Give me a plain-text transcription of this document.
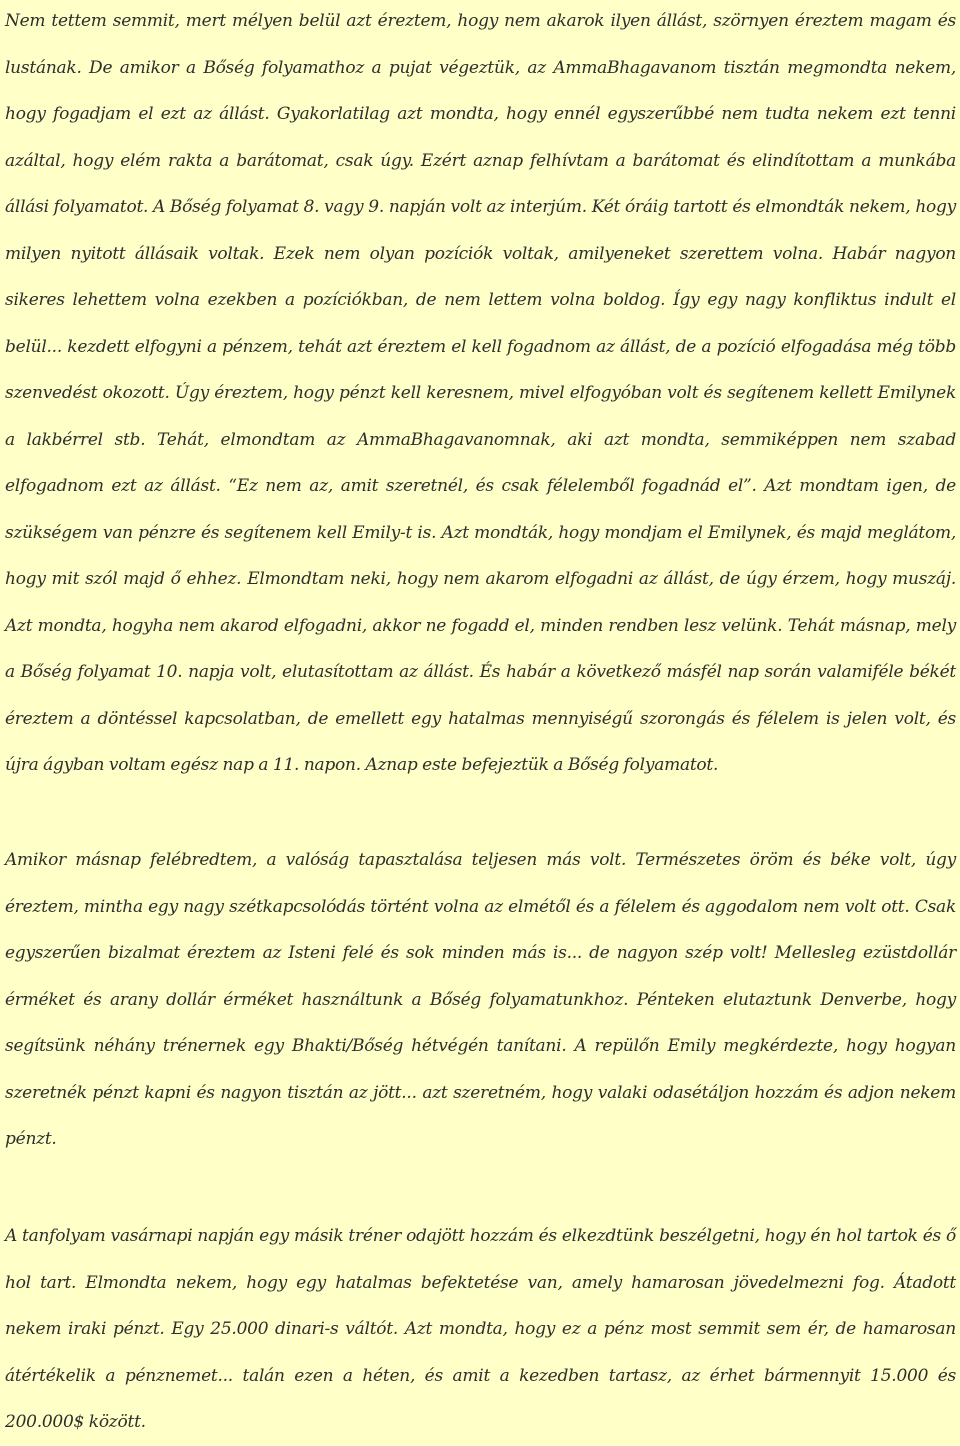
Nem tettem semmit, mert mélyen belül azt éreztem, hogy nem akarok ilyen állást, szörnyen éreztem magam és lustának. De amikor a Bőség folyamathoz a pujat végeztük, az AmmaBhagavanom tisztán megmondta nekem, hogy fogadjam el ezt az állást. Gyakorlatilag azt mondta, hogy ennél egyszerűbbé nem tudta nekem ezt tenni azáltal, hogy elém rakta a barátomat, csak úgy. Ezért aznap felhívtam a barátomat és elindítottam a munkába állási folyamatot. A Bőség folyamat 8. vagy 9. napján volt az interjúm. Két óráig tartott és elmondták nekem, hogy milyen nyitott állásaik voltak. Ezek nem olyan pozíciók voltak, amilyeneket szerettem volna. Habár nagyon sikeres lehettem volna ezekben a pozíciókban, de nem lettem volna boldog. Így egy nagy konfliktus indult el belül... kezdett elfogyni a pénzem, tehát azt éreztem el kell fogadnom az állást, de a pozíció elfogadása még több szenvedést okozott. Úgy éreztem, hogy pénzt kell keresnem, mivel elfogyóban volt és segítenem kellett Emilynek a lakbérrel stb. Tehát, elmondtam az AmmaBhagavanomnak, aki azt mondta, semmiképpen nem szabad elfogadnom ezt az állást. “Ez nem az, amit szeretnél, és csak félelemből fogadnád el”. Azt mondtam igen, de szükségem van pénzre és segítenem kell Emily-t is. Azt mondták, hogy mondjam el Emilynek, és majd meglátom, hogy mit szól majd ő ehhez. Elmondtam neki, hogy nem akarom elfogadni az állást, de úgy érzem, hogy muszáj. Azt mondta, hogyha nem akarod elfogadni, akkor ne fogadd el, minden rendben lesz velünk. Tehát másnap, mely a Bőség folyamat 10. napja volt, elutasítottam az állást. És habár a következő másfél nap során valamiféle békét éreztem a döntéssel kapcsolatban, de emellett egy hatalmas mennyiségű szorongás és félelem is jelen volt, és újra ágyban voltam egész nap a 11. napon. Aznap este befejeztük a Bőség folyamatot.

Amikor másnap felébredtem, a valóság tapasztalása teljesen más volt. Természetes öröm és béke volt, úgy éreztem, mintha egy nagy szétkapcsolódás történt volna az elmétől és a félelem és aggodalom nem volt ott. Csak egyszerűen bizalmat éreztem az Isteni felé és sok minden más is... de nagyon szép volt! Mellesleg ezüstdollár érméket és arany dollár érméket használtunk a Bőség folyamatunkhoz. Pénteken elutaztunk Denverbe, hogy segítsünk néhány trénernek egy Bhakti/Bőség hétvégén tanítani. A repülőn Emily megkérdezte, hogy hogyan szeretnék pénzt kapni és nagyon tisztán az jött... azt szeretném, hogy valaki odasétáljon hozzám és adjon nekem pénzt.

A tanfolyam vasárnapi napján egy másik tréner odajött hozzám és elkezdtünk beszélgetni, hogy én hol tartok és ő hol tart. Elmondta nekem, hogy egy hatalmas befektetése van, amely hamarosan jövedelmezni fog. Átadott nekem iraki pénzt. Egy 25.000 dinari-s váltót. Azt mondta, hogy ez a pénz most semmit sem ér, de hamarosan átértékelik a pénznemet... talán ezen a héten, és amit a kezedben tartasz, az érhet bármennyit 15.000 és 200.000$ között.
